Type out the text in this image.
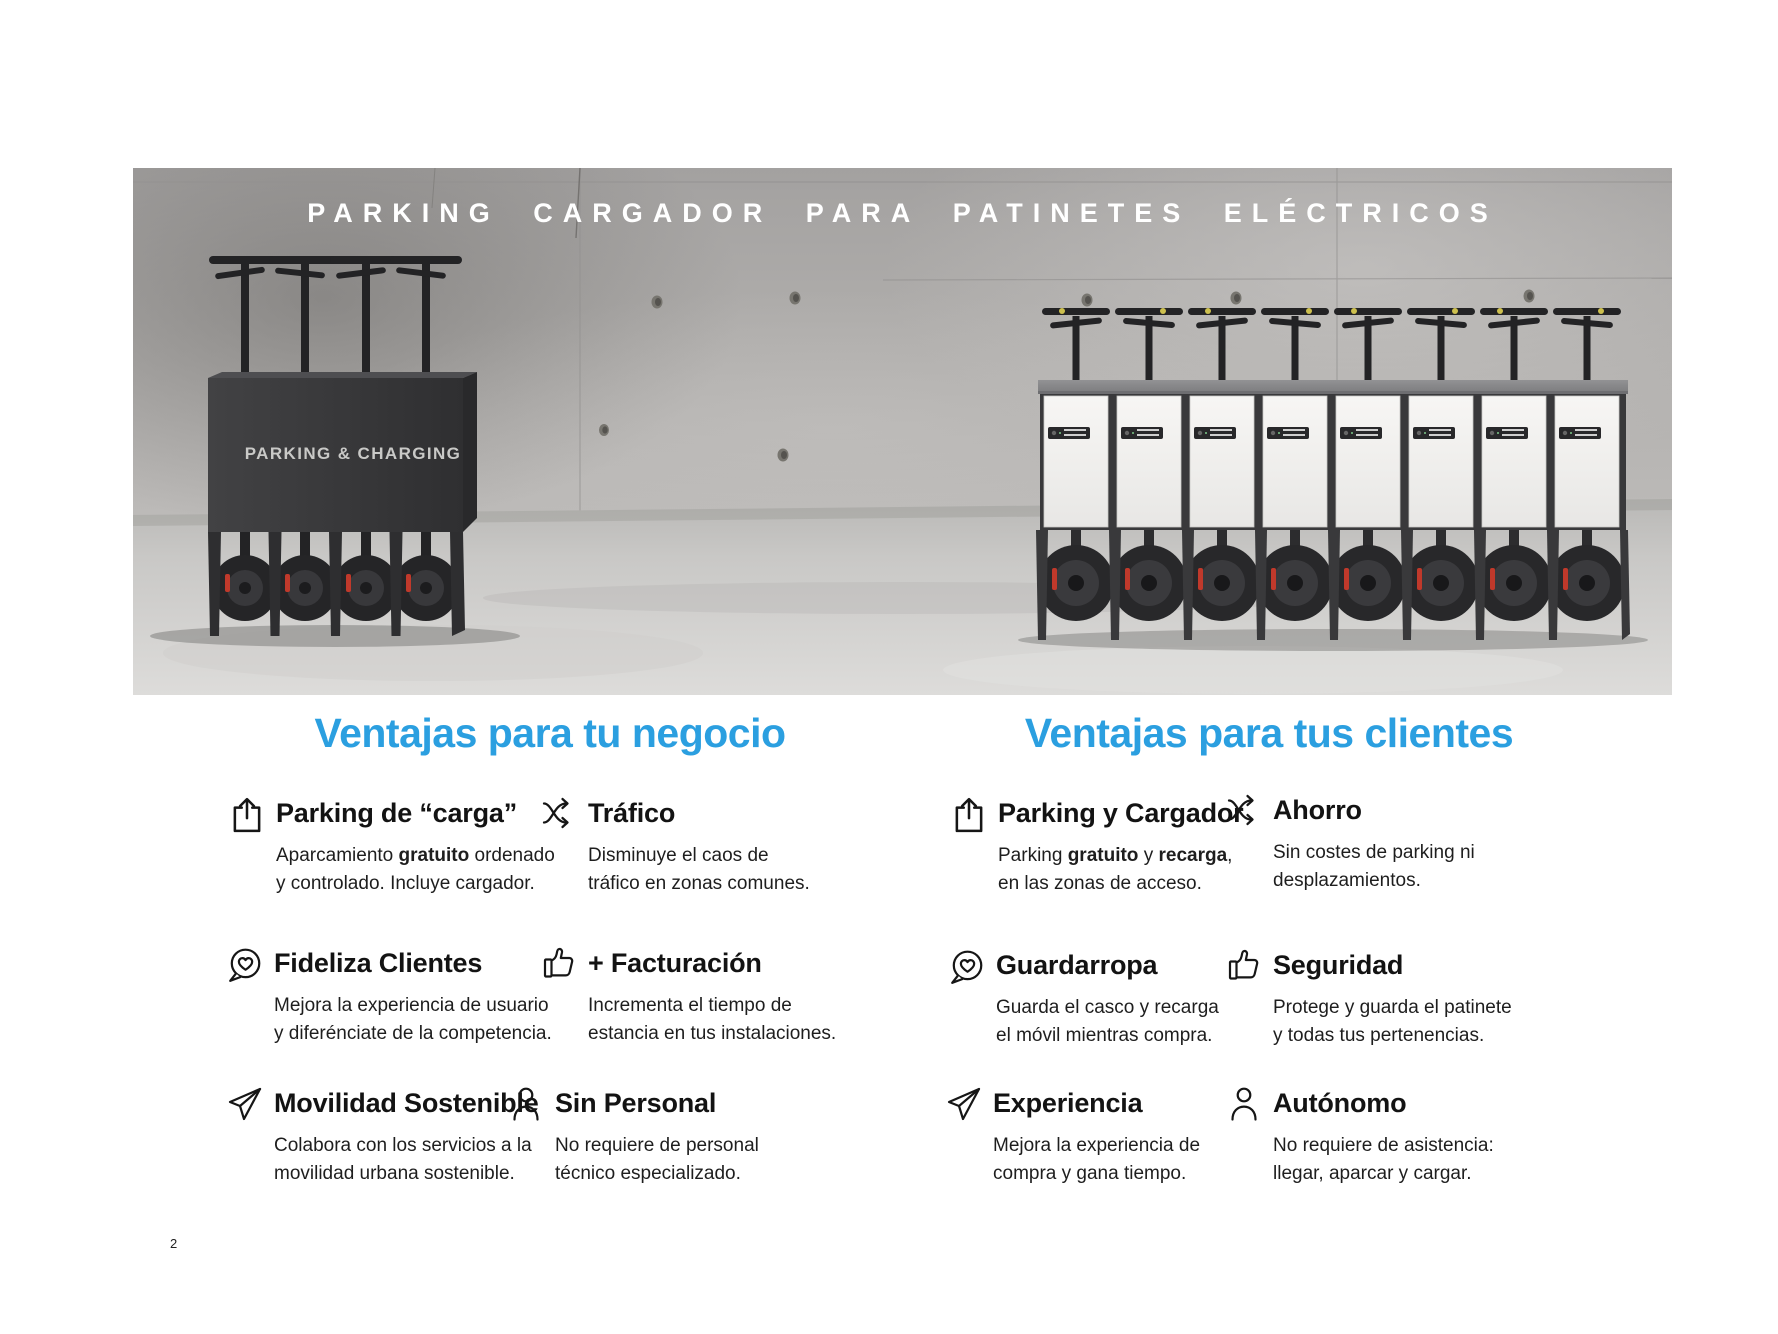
PARKING CARGADOR PARA PATINETES ELÉCTRICOS
PARKING & CHARGING
Ventajas para tu negocio
Parking de “carga”
Aparcamiento gratuito ordenado
y controlado. Incluye cargador.
Tráfico
Disminuye el caos de
tráfico en zonas comunes.
Fideliza Clientes
Mejora la experiencia de usuario
y diferénciate de la competencia.
+ Facturación
Incrementa el tiempo de
estancia en tus instalaciones.
Movilidad Sostenible
Colabora con los servicios a la
movilidad urbana sostenible.
Sin Personal
No requiere de personal
técnico especializado.
Ventajas para tus clientes
Parking y Cargador
Parking gratuito y recarga,
en las zonas de acceso.
Ahorro
Sin costes de parking ni
desplazamientos.
Guardarropa
Guarda el casco y recarga
el móvil mientras compra.
Seguridad
Protege y guarda el patinete
y todas tus pertenencias.
Experiencia
Mejora la experiencia de
compra y gana tiempo.
Autónomo
No requiere de asistencia:
llegar, aparcar y cargar.
2
